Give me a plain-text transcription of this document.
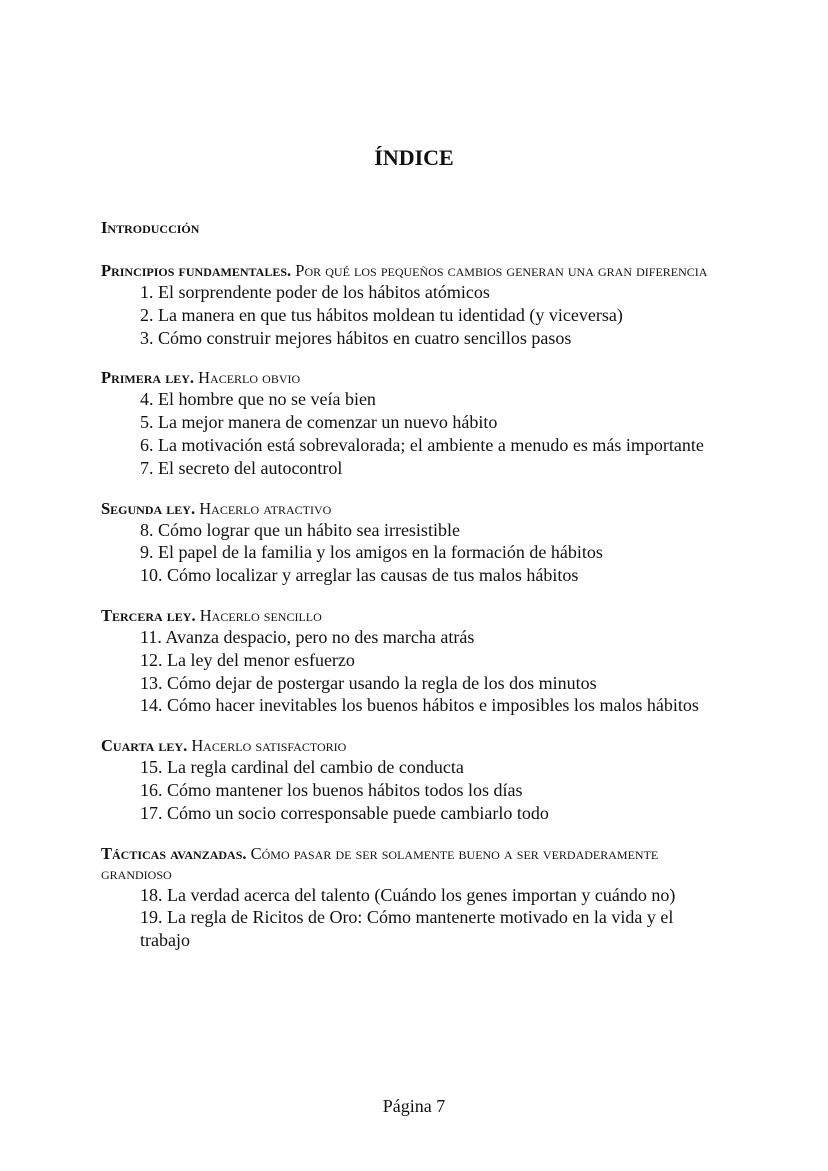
ÍNDICE

Introducción

Principios fundamentales. Por qué los pequeños cambios generan una gran diferencia

1. El sorprendente poder de los hábitos atómicos
2. La manera en que tus hábitos moldean tu identidad (y viceversa)
3. Cómo construir mejores hábitos en cuatro sencillos pasos

Primera ley. Hacerlo obvio

4. El hombre que no se veía bien
5. La mejor manera de comenzar un nuevo hábito
6. La motivación está sobrevalorada; el ambiente a menudo es más importante
7. El secreto del autocontrol

Segunda ley. Hacerlo atractivo

8. Cómo lograr que un hábito sea irresistible
9. El papel de la familia y los amigos en la formación de hábitos
10. Cómo localizar y arreglar las causas de tus malos hábitos

Tercera ley. Hacerlo sencillo

11. Avanza despacio, pero no des marcha atrás
12. La ley del menor esfuerzo
13. Cómo dejar de postergar usando la regla de los dos minutos
14. Cómo hacer inevitables los buenos hábitos e imposibles los malos hábitos

Cuarta ley. Hacerlo satisfactorio

15. La regla cardinal del cambio de conducta
16. Cómo mantener los buenos hábitos todos los días
17. Cómo un socio corresponsable puede cambiarlo todo

Tácticas avanzadas. Cómo pasar de ser solamente bueno a ser verdaderamente grandioso

18. La verdad acerca del talento (Cuándo los genes importan y cuándo no)
19. La regla de Ricitos de Oro: Cómo mantenerte motivado en la vida y el trabajo
Página 7
